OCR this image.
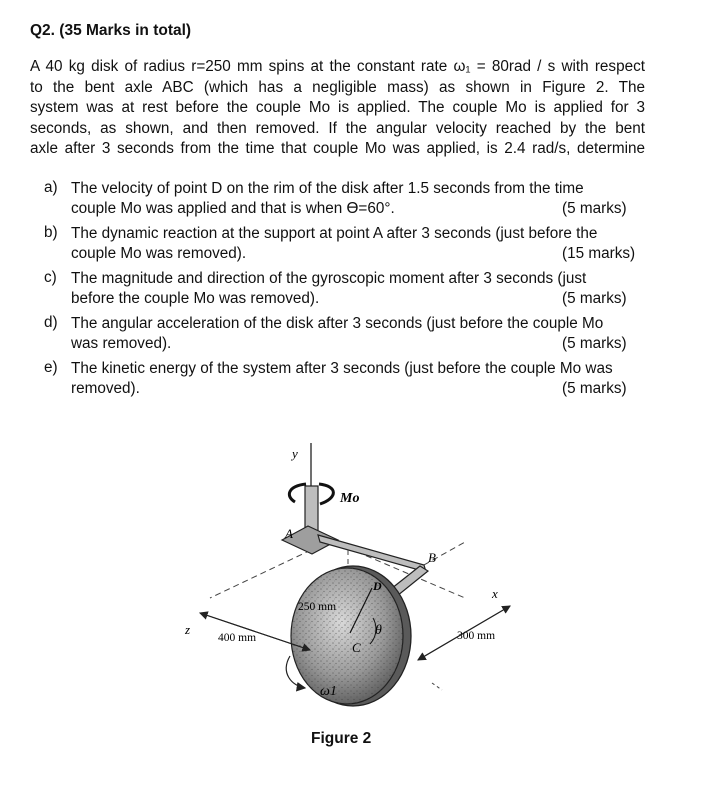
Q2. (35 Marks in total)
A 40 kg disk of radius r=250 mm spins at the constant rate ω₁ = 80rad / s with respect
to the bent axle ABC (which has a negligible mass) as shown in Figure 2. The
system was at rest before the couple Mo is applied. The couple Mo is applied for 3
seconds, as shown, and then removed. If the angular velocity reached by the bent
axle after 3 seconds from the time that couple Mo was applied, is 2.4 rad/s, determine
a) The velocity of point D on the rim of the disk after 1.5 seconds from the time
couple Mo was applied and that is when ϴ=60°.	(5 marks)
b) The dynamic reaction at the support at point A after 3 seconds (just before the
couple Mo was removed).	(15 marks)
c) The magnitude and direction of the gyroscopic moment after 3 seconds (just
before the couple Mo was removed).	(5 marks)
d) The angular acceleration of the disk after 3 seconds (just before the couple Mo
was removed).	(5 marks)
e) The kinetic energy of the system after 3 seconds (just before the couple Mo was
removed).	(5 marks)
y
x
z
Mo
A
B
250 mm
D
θ
C
ω1
400 mm	300 mm
Figure 2
